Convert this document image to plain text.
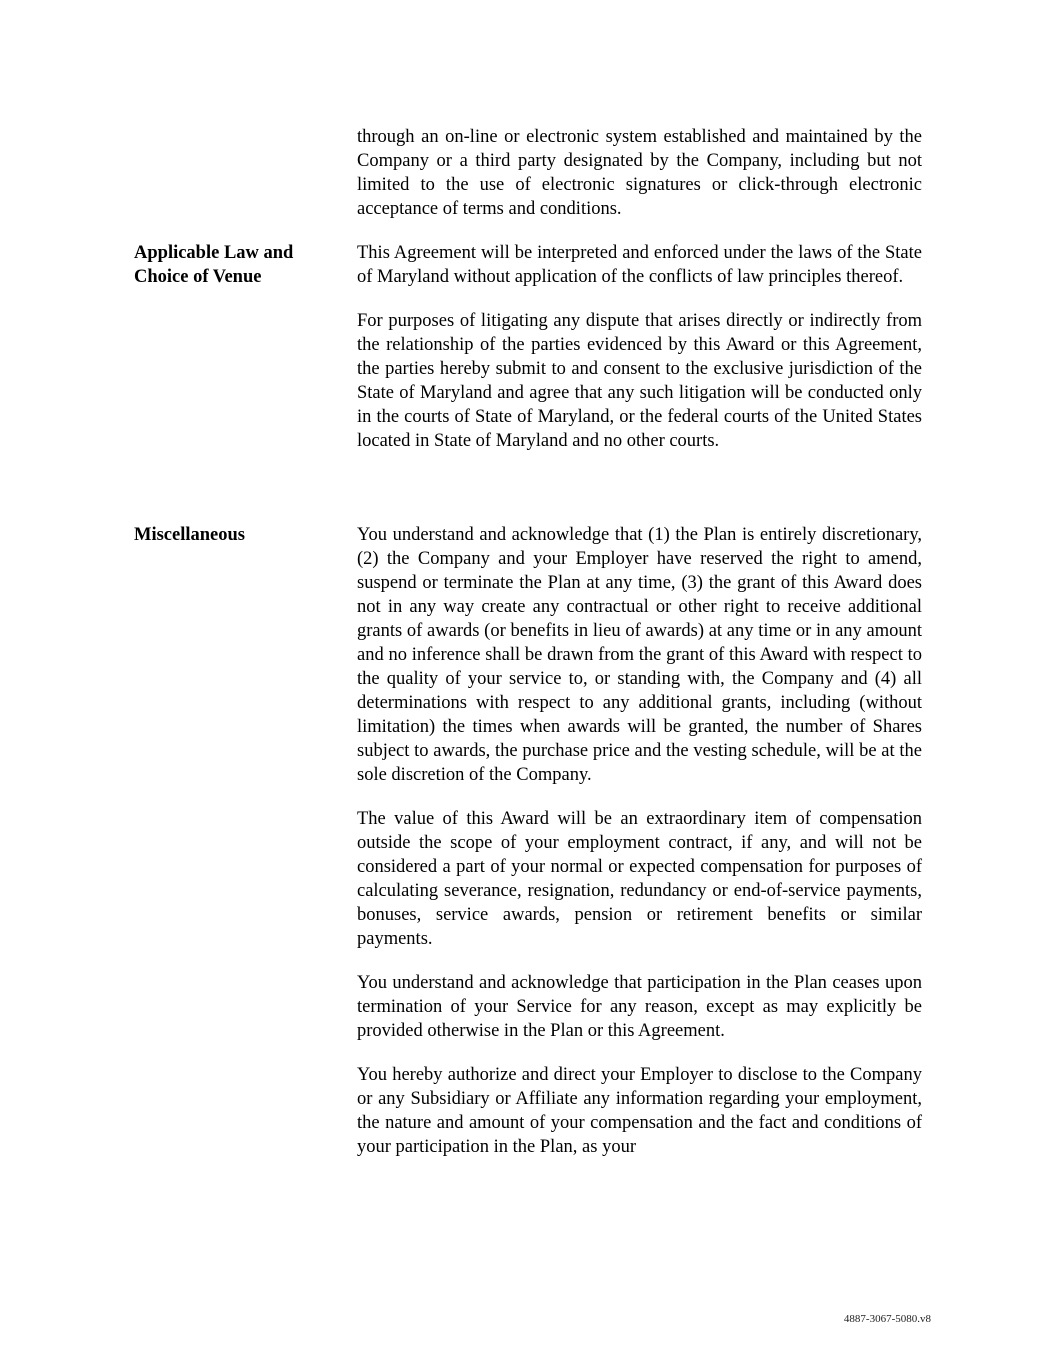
through an on-line or electronic system established and maintained by the Company or a third party designated by the Company, including but not limited to the use of electronic signatures or click-through electronic acceptance of terms and conditions.

Applicable Law and Choice of Venue

This Agreement will be interpreted and enforced under the laws of the State of Maryland without application of the conflicts of law principles thereof.

For purposes of litigating any dispute that arises directly or indirectly from the relationship of the parties evidenced by this Award or this Agreement, the parties hereby submit to and consent to the exclusive jurisdiction of the State of Maryland and agree that any such litigation will be conducted only in the courts of State of Maryland, or the federal courts of the United States located in State of Maryland and no other courts.

Miscellaneous	You understand and acknowledge that (1) the Plan is entirely discretionary, (2) the Company and your Employer have reserved the right to amend, suspend or terminate the Plan at any time, (3) the grant of this Award does not in any way create any contractual or other right to receive additional grants of awards (or benefits in lieu of awards) at any time or in any amount and no inference shall be drawn from the grant of this Award with respect to the quality of your service to, or standing with, the Company and (4) all determinations with respect to any additional grants, including (without limitation) the times when awards will be granted, the number of Shares subject to awards, the purchase price and the vesting schedule, will be at the sole discretion of the Company.

The value of this Award will be an extraordinary item of compensation outside the scope of your employment contract, if any, and will not be considered a part of your normal or expected compensation for purposes of calculating severance, resignation, redundancy or end-of-service payments, bonuses, service awards, pension or retirement benefits or similar payments.

You understand and acknowledge that participation in the Plan ceases upon termination of your Service for any reason, except as may explicitly be provided otherwise in the Plan or this Agreement.

You hereby authorize and direct your Employer to disclose to the Company or any Subsidiary or Affiliate any information regarding your employment, the nature and amount of your compensation and the fact and conditions of your participation in the Plan, as your

4887-3067-5080.v8
